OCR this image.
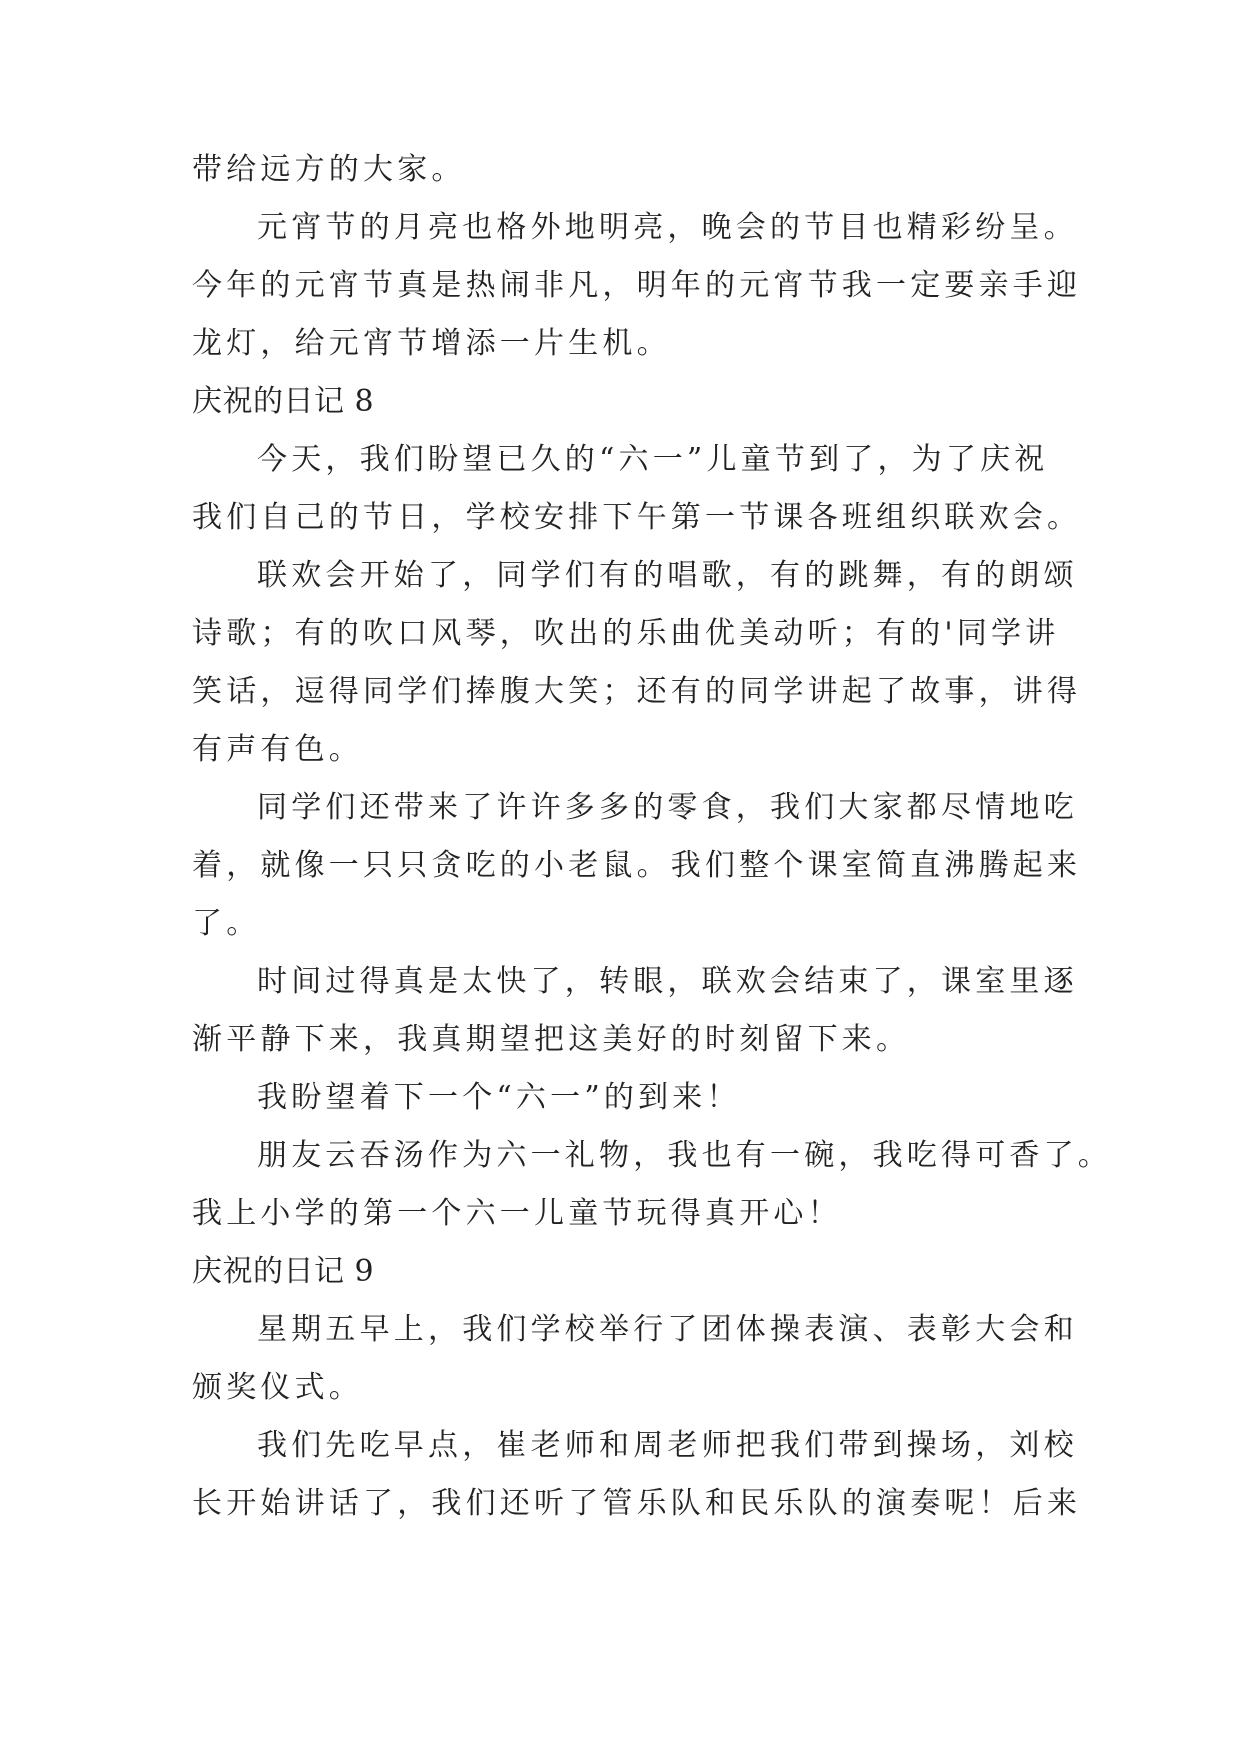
带给远方的大家。
元宵节的月亮也格外地明亮，晚会的节目也精彩纷呈。
今年的元宵节真是热闹非凡，明年的元宵节我一定要亲手迎
龙灯，给元宵节增添一片生机。
庆祝的日记 8
今天，我们盼望已久的“六一”儿童节到了，为了庆祝
我们自己的节日，学校安排下午第一节课各班组织联欢会。
联欢会开始了，同学们有的唱歌，有的跳舞，有的朗颂
诗歌；有的吹口风琴，吹出的乐曲优美动听；有的'同学讲
笑话，逗得同学们捧腹大笑；还有的同学讲起了故事，讲得
有声有色。
同学们还带来了许许多多的零食，我们大家都尽情地吃
着，就像一只只贪吃的小老鼠。我们整个课室简直沸腾起来
了。
时间过得真是太快了，转眼，联欢会结束了，课室里逐
渐平静下来，我真期望把这美好的时刻留下来。
我盼望着下一个“六一”的到来！
朋友云吞汤作为六一礼物，我也有一碗，我吃得可香了。
我上小学的第一个六一儿童节玩得真开心！
庆祝的日记 9
星期五早上，我们学校举行了团体操表演、表彰大会和
颁奖仪式。
我们先吃早点，崔老师和周老师把我们带到操场，刘校
长开始讲话了，我们还听了管乐队和民乐队的演奏呢！后来
